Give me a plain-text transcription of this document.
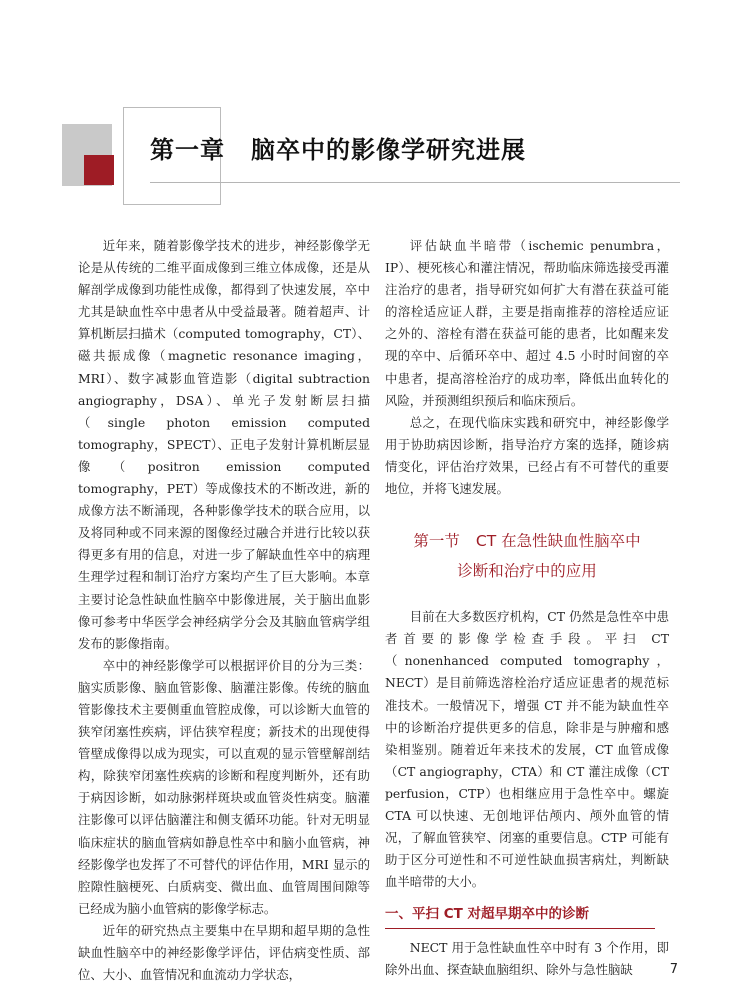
第一章 脑卒中的影像学研究进展

近年来，随着影像学技术的进步，神经影像学无论是从传统的二维平面成像到三维立体成像，还是从解剖学成像到功能性成像，都得到了快速发展，卒中尤其是缺血性卒中患者从中受益最著。随着超声、计算机断层扫描术（computed tomography，CT）、磁共振成像（magnetic resonance imaging，MRI）、数字减影血管造影（digital subtraction angiography，DSA）、单光子发射断层扫描（single photon emission computed tomography，SPECT）、正电子发射计算机断层显像（positron emission computed tomography，PET）等成像技术的不断改进，新的成像方法不断涌现，各种影像学技术的联合应用，以及将同种或不同来源的图像经过融合并进行比较以获得更多有用的信息，对进一步了解缺血性卒中的病理生理学过程和制订治疗方案均产生了巨大影响。本章主要讨论急性缺血性脑卒中影像进展，关于脑出血影像可参考中华医学会神经病学分会及其脑血管病学组发布的影像指南。

卒中的神经影像学可以根据评价目的分为三类：脑实质影像、脑血管影像、脑灌注影像。传统的脑血管影像技术主要侧重血管腔成像，可以诊断大血管的狭窄闭塞性疾病，评估狭窄程度；新技术的出现使得管壁成像得以成为现实，可以直观的显示管壁解剖结构，除狭窄闭塞性疾病的诊断和程度判断外，还有助于病因诊断，如动脉粥样斑块或血管炎性病变。脑灌注影像可以评估脑灌注和侧支循环功能。针对无明显临床症状的脑血管病如静息性卒中和脑小血管病，神经影像学也发挥了不可替代的评估作用，MRI 显示的腔隙性脑梗死、白质病变、微出血、血管周围间隙等已经成为脑小血管病的影像学标志。

近年的研究热点主要集中在早期和超早期的急性缺血性脑卒中的神经影像学评估，评估病变性质、部位、大小、血管情况和血流动力学状态，

评估缺血半暗带（ischemic penumbra，IP）、梗死核心和灌注情况，帮助临床筛选接受再灌注治疗的患者，指导研究如何扩大有潜在获益可能的溶栓适应证人群，主要是指南推荐的溶栓适应证之外的、溶栓有潜在获益可能的患者，比如醒来发现的卒中、后循环卒中、超过 4.5 小时时间窗的卒中患者，提高溶栓治疗的成功率，降低出血转化的风险，并预测组织预后和临床预后。

总之，在现代临床实践和研究中，神经影像学用于协助病因诊断，指导治疗方案的选择，随诊病情变化，评估治疗效果，已经占有不可替代的重要地位，并将飞速发展。

第一节 CT 在急性缺血性脑卒中
诊断和治疗中的应用

目前在大多数医疗机构，CT 仍然是急性卒中患者首要的影像学检查手段。平扫 CT（nonenhanced computed tomography，NECT）是目前筛选溶栓治疗适应证患者的规范标准技术。一般情况下，增强 CT 并不能为缺血性卒中的诊断治疗提供更多的信息，除非是与肿瘤和感染相鉴别。随着近年来技术的发展，CT 血管成像（CT angiography，CTA）和 CT 灌注成像（CT perfusion，CTP）也相继应用于急性卒中。螺旋 CTA 可以快速、无创地评估颅内、颅外血管的情况，了解血管狭窄、闭塞的重要信息。CTP 可能有助于区分可逆性和不可逆性缺血损害病灶，判断缺血半暗带的大小。

一、平扫 CT 对超早期卒中的诊断

NECT 用于急性缺血性卒中时有 3 个作用，即除外出血、探查缺血脑组织、除外与急性脑缺	7
